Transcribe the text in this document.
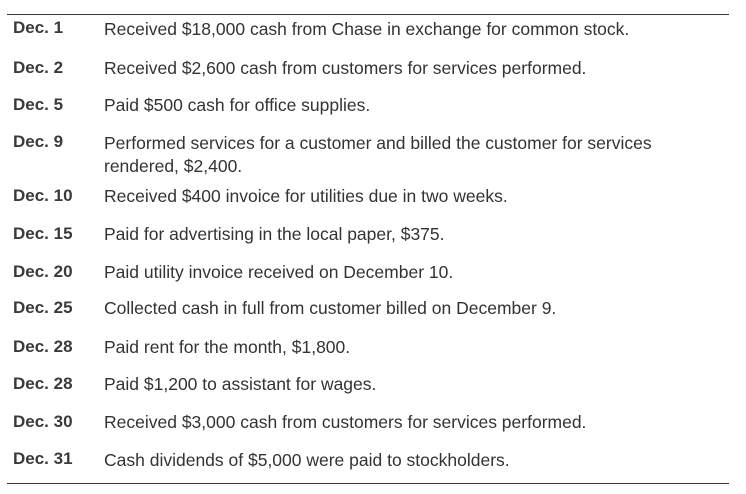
Dec. 1 Received $18,000 cash from Chase in exchange for common stock.
Dec. 2 Received $2,600 cash from customers for services performed.
Dec. 5 Paid $500 cash for office supplies.
Dec. 9 Performed services for a customer and billed the customer for services rendered, $2,400.
Dec. 10 Received $400 invoice for utilities due in two weeks.
Dec. 15 Paid for advertising in the local paper, $375.
Dec. 20 Paid utility invoice received on December 10.
Dec. 25 Collected cash in full from customer billed on December 9.
Dec. 28 Paid rent for the month, $1,800.
Dec. 28 Paid $1,200 to assistant for wages.
Dec. 30 Received $3,000 cash from customers for services performed.
Dec. 31 Cash dividends of $5,000 were paid to stockholders.
